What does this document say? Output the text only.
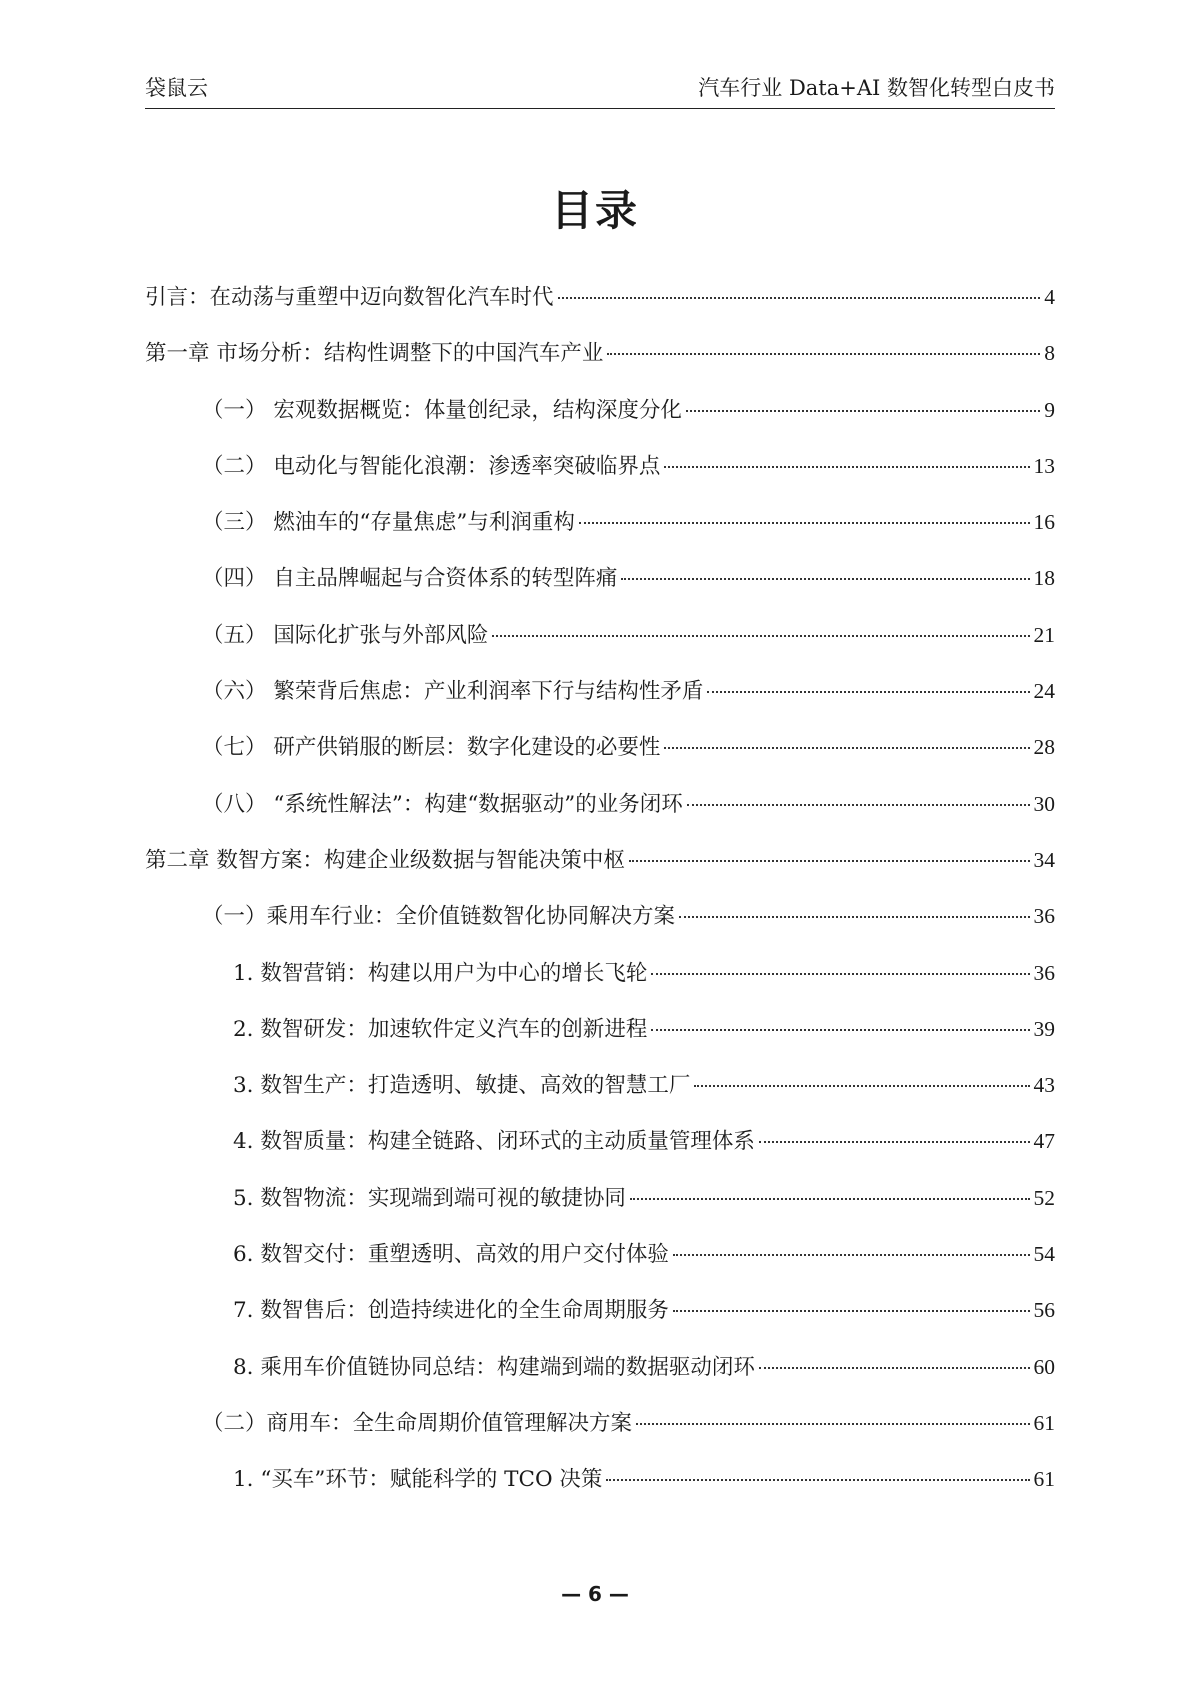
袋鼠云	汽车行业 Data+AI 数智化转型白皮书
目录
引言：在动荡与重塑中迈向数智化汽车时代	4
第一章 市场分析：结构性调整下的中国汽车产业	8
（一） 宏观数据概览：体量创纪录，结构深度分化	9
（二） 电动化与智能化浪潮：渗透率突破临界点	13
（三） 燃油车的“存量焦虑”与利润重构	16
（四） 自主品牌崛起与合资体系的转型阵痛	18
（五） 国际化扩张与外部风险	21
（六） 繁荣背后焦虑：产业利润率下行与结构性矛盾	24
（七） 研产供销服的断层：数字化建设的必要性	28
（八） “系统性解法”：构建“数据驱动”的业务闭环	30
第二章 数智方案：构建企业级数据与智能决策中枢	34
（一）乘用车行业：全价值链数智化协同解决方案	36
1. 数智营销：构建以用户为中心的增长飞轮	36
2. 数智研发：加速软件定义汽车的创新进程	39
3. 数智生产：打造透明、敏捷、高效的智慧工厂	43
4. 数智质量：构建全链路、闭环式的主动质量管理体系	47
5. 数智物流：实现端到端可视的敏捷协同	52
6. 数智交付：重塑透明、高效的用户交付体验	54
7. 数智售后：创造持续进化的全生命周期服务	56
8. 乘用车价值链协同总结：构建端到端的数据驱动闭环	60
（二）商用车：全生命周期价值管理解决方案	61
1. “买车”环节：赋能科学的 TCO 决策	61
— 6 —
